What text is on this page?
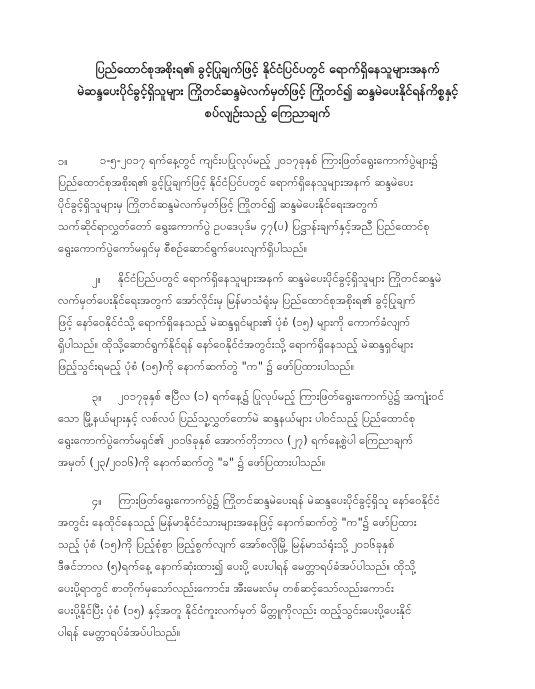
ပြည်ထောင်စုအစိုးရ၏ ခွင့်ပြုချက်ဖြင့် နိုင်ငံပြင်ပတွင် ရောက်ရှိနေသူများအနက်
မဲဆန္ဒပေးပိုင်ခွင့်ရှိသူများ ကြိုတင်ဆန္ဒမဲလက်မှတ်ဖြင့် ကြိုတင်၍ ဆန္ဒမဲပေးနိုင်ရန်ကိစ္စနှင့်
စပ်လျဉ်းသည့် ကြေညာချက်
၁။	၁-၅-၂၀၁၇ ရက်နေ့တွင် ကျင်းပပြုလုပ်မည့် ၂၀၁၇ခုနှစ် ကြားဖြတ်ရွေးကောက်ပွဲများ၌
ပြည်ထောင်စုအစိုးရ၏ ခွင့်ပြုချက်ဖြင့် နိုင်ငံပြင်ပတွင် ရောက်ရှိနေသူများအနက် ဆန္ဒမဲပေး
ပိုင်ခွင့်ရှိသူများမှ ကြိုတင်ဆန္ဒမဲလက်မှတ်ဖြင့် ကြိုတင်၍ ဆန္ဒမဲပေးနိုင်ရေးအတွက်
သက်ဆိုင်ရာလွှတ်တော် ရွေးကောက်ပွဲ ဥပဒေပုဒ်မ ၄၇(ပ) ပြဋ္ဌာန်းချက်နှင့်အညီ ပြည်ထောင်စု
ရွေးကောက်ပွဲကော်မရှင်မှ စီစဉ်ဆောင်ရွက်ပေးလျက်ရှိပါသည်။
၂။	နိုင်ငံပြည်ပတွင် ရောက်ရှိနေသူများအနက် ဆန္ဒမဲပေးပိုင်ခွင့်ရှိသူများ ကြိုတင်ဆန္ဒမဲ
လက်မှတ်ပေးနိုင်ရေးအတွက် အော်လိုင်းမှ မြန်မာသံရုံးမှ ပြည်ထောင်စုအစိုးရ၏ ခွင့်ပြုချက်
ဖြင့် နော်ဝေနိုင်ငံသို့ ရောက်ရှိနေသည့် မဲဆန္ဒရှင်များ၏ ပုံစံ (၁၅) များကို ကောက်ခံလျက်
ရှိပါသည်။ ထိုသို့ဆောင်ရွက်နိုင်ရန် နော်ဝေနိုင်ငံအတွင်းသို့ ရောက်ရှိနေသည့် မဲဆန္ဒရှင်များ
ဖြည့်သွင်းရမည့် ပုံစံ (၁၅)ကို နောက်ဆက်တွဲ "က" ၌ ဖော်ပြထားပါသည်။
၃။	၂၀၁၇ခုနှစ် ဧပြီလ (၁) ရက်နေ့၌ ပြုလုပ်မည့် ကြားဖြတ်ရွေးကောက်ပွဲ၌ အကျုံးဝင်
သော မြို့နယ်များနှင့် လစ်လပ် ပြည်သူ့လွှတ်တော်မဲ ဆန္ဒနယ်များ ပါဝင်သည့် ပြည်ထောင်စု
ရွေးကောက်ပွဲကော်မရှင်၏ ၂၀၁၆ခုနှစ် အောက်တိုဘာလ (၂၇) ရက်နေ့စွဲပါ ကြေညာချက်
အမှတ် (၂၃/၂၀၁၆)ကို နောက်ဆက်တွဲ "ခ" ၌ ဖော်ပြထားပါသည်။
၄။	ကြားဖြတ်ရွေးကောက်ပွဲ၌ ကြိုတင်ဆန္ဒမဲပေးရန် မဲဆန္ဒပေးပိုင်ခွင့်ရှိသူ နော်ဝေနိုင်ငံ
အတွင်း နေထိုင်နေသည့် မြန်မာနိုင်ငံသားများအနေဖြင့် နောက်ဆက်တွဲ "က"၌ ဖော်ပြထား
သည့် ပုံစံ (၁၅)ကို ပြည့်စုံစွာ ဖြည့်စွက်လျက် အော်စလိုမြို့ မြန်မာသံရုံးသို့ ၂၀၁၆ခုနှစ်
ဒီဇင်ဘာလ (၅)ရက်နေ့ နောက်ဆုံးထား၍ ပေးပို့ ပေးပါရန် မေတ္တာရပ်ခံအပ်ပါသည်။ ထိုသို့
ပေးပို့ရာတွင် စာတိုက်မှသော်လည်းကောင်း၊ အီးမေးလ်မှ တစ်ဆင့်သော်လည်းကောင်း
ပေးပို့နိုင်ပြီး ပုံစံ (၁၅) နှင့်အတူ နိုင်ငံကူးလက်မှတ် မိတ္တူကိုလည်း ထည့်သွင်းပေးပို့ပေးနိုင်
ပါရန် မေတ္တာရပ်ခံအပ်ပါသည်။
